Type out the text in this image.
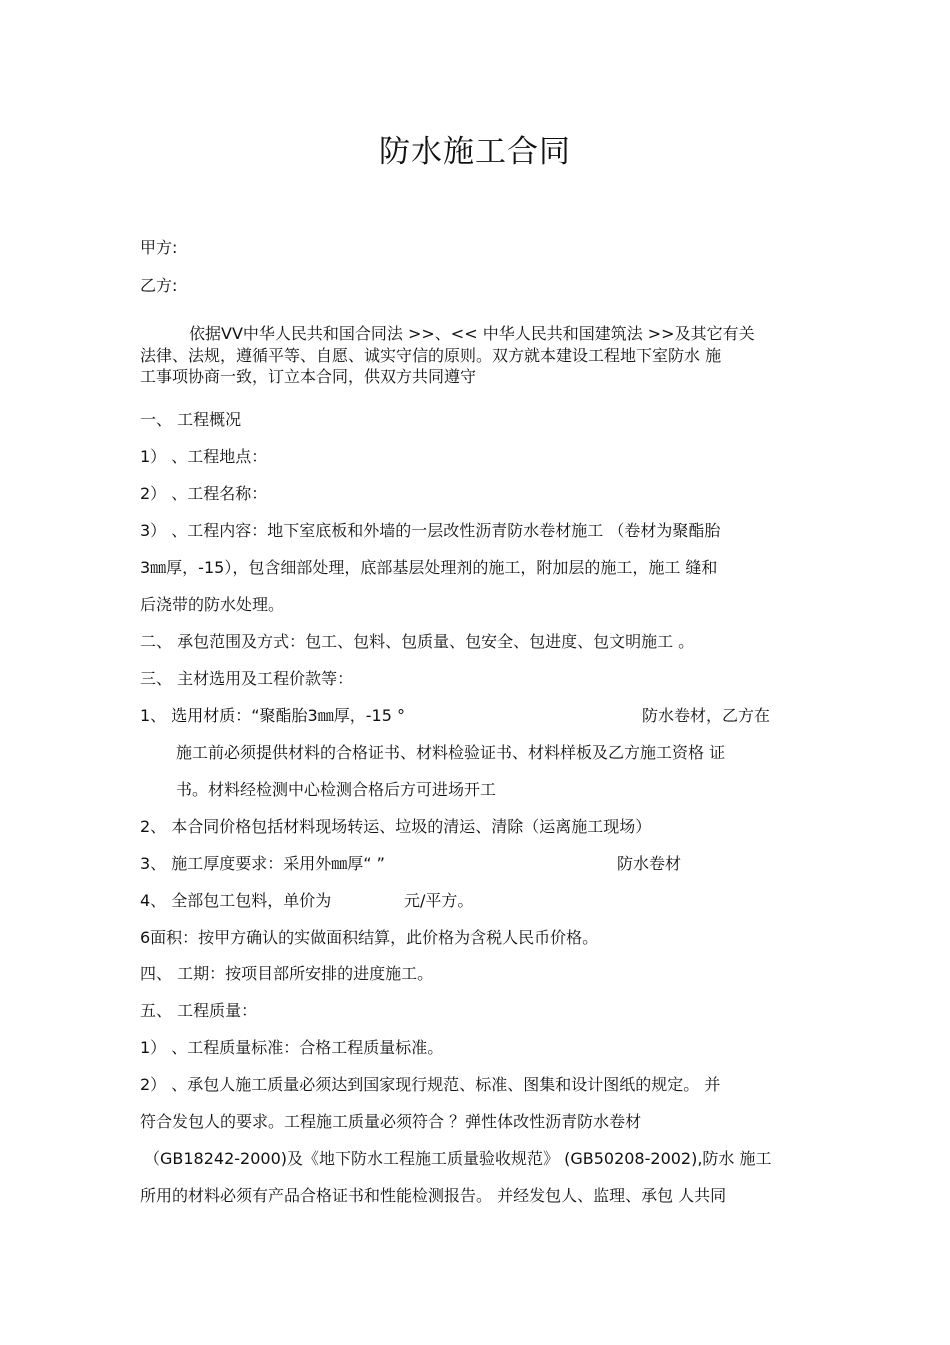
防水施工合同
甲方:
乙方:
依据VV中华人民共和国合同法 >>、<< 中华人民共和国建筑法 >>及其它有关
法律、法规，遵循平等、自愿、诚实守信的原则。双方就本建设工程地下室防水 施
工事项协商一致，订立本合同，供双方共同遵守
一、 工程概况
1） 、工程地点：
2） 、工程名称：
3） 、工程内容：地下室底板和外墙的一层改性沥青防水卷材施工 （卷材为聚酯胎
3㎜厚，-15），包含细部处理，底部基层处理剂的施工，附加层的施工，施工 缝和
后浇带的防水处理。
二、 承包范围及方式：包工、包料、包质量、包安全、包进度、包文明施工 。
三、 主材选用及工程价款等：
1、 选用材质：“聚酯胎3㎜厚，-15 °	防水卷材，乙方在
施工前必须提供材料的合格证书、材料检验证书、材料样板及乙方施工资格 证
书。材料经检测中心检测合格后方可进场开工
2、 本合同价格包括材料现场转运、垃圾的清运、清除（运离施工现场）
3、 施工厚度要求：采用外㎜厚“ ”	防水卷材
4、 全部包工包料，单价为	元/平方。
6面积：按甲方确认的实做面积结算，此价格为含税人民币价格。
四、 工期：按项目部所安排的进度施工。
五、 工程质量：
1） 、工程质量标准：合格工程质量标准。
2） 、承包人施工质量必须达到国家现行规范、标准、图集和设计图纸的规定。 并
符合发包人的要求。工程施工质量必须符合 ？弹性体改性沥青防水卷材
（GB18242-2000)及《地下防水工程施工质量验收规范》 (GB50208-2002),防水 施工
所用的材料必须有产品合格证书和性能检测报告。 并经发包人、监理、承包 人共同
